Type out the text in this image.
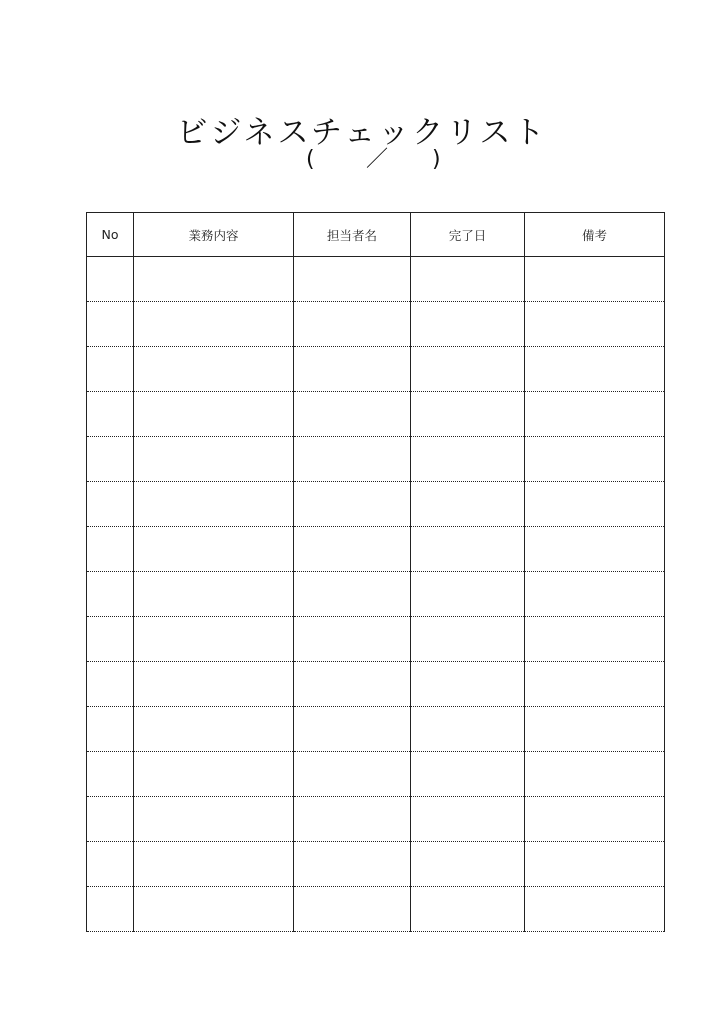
ビジネスチェックリスト
( ／ )
No	業務内容	担当者名	完了日	備考
